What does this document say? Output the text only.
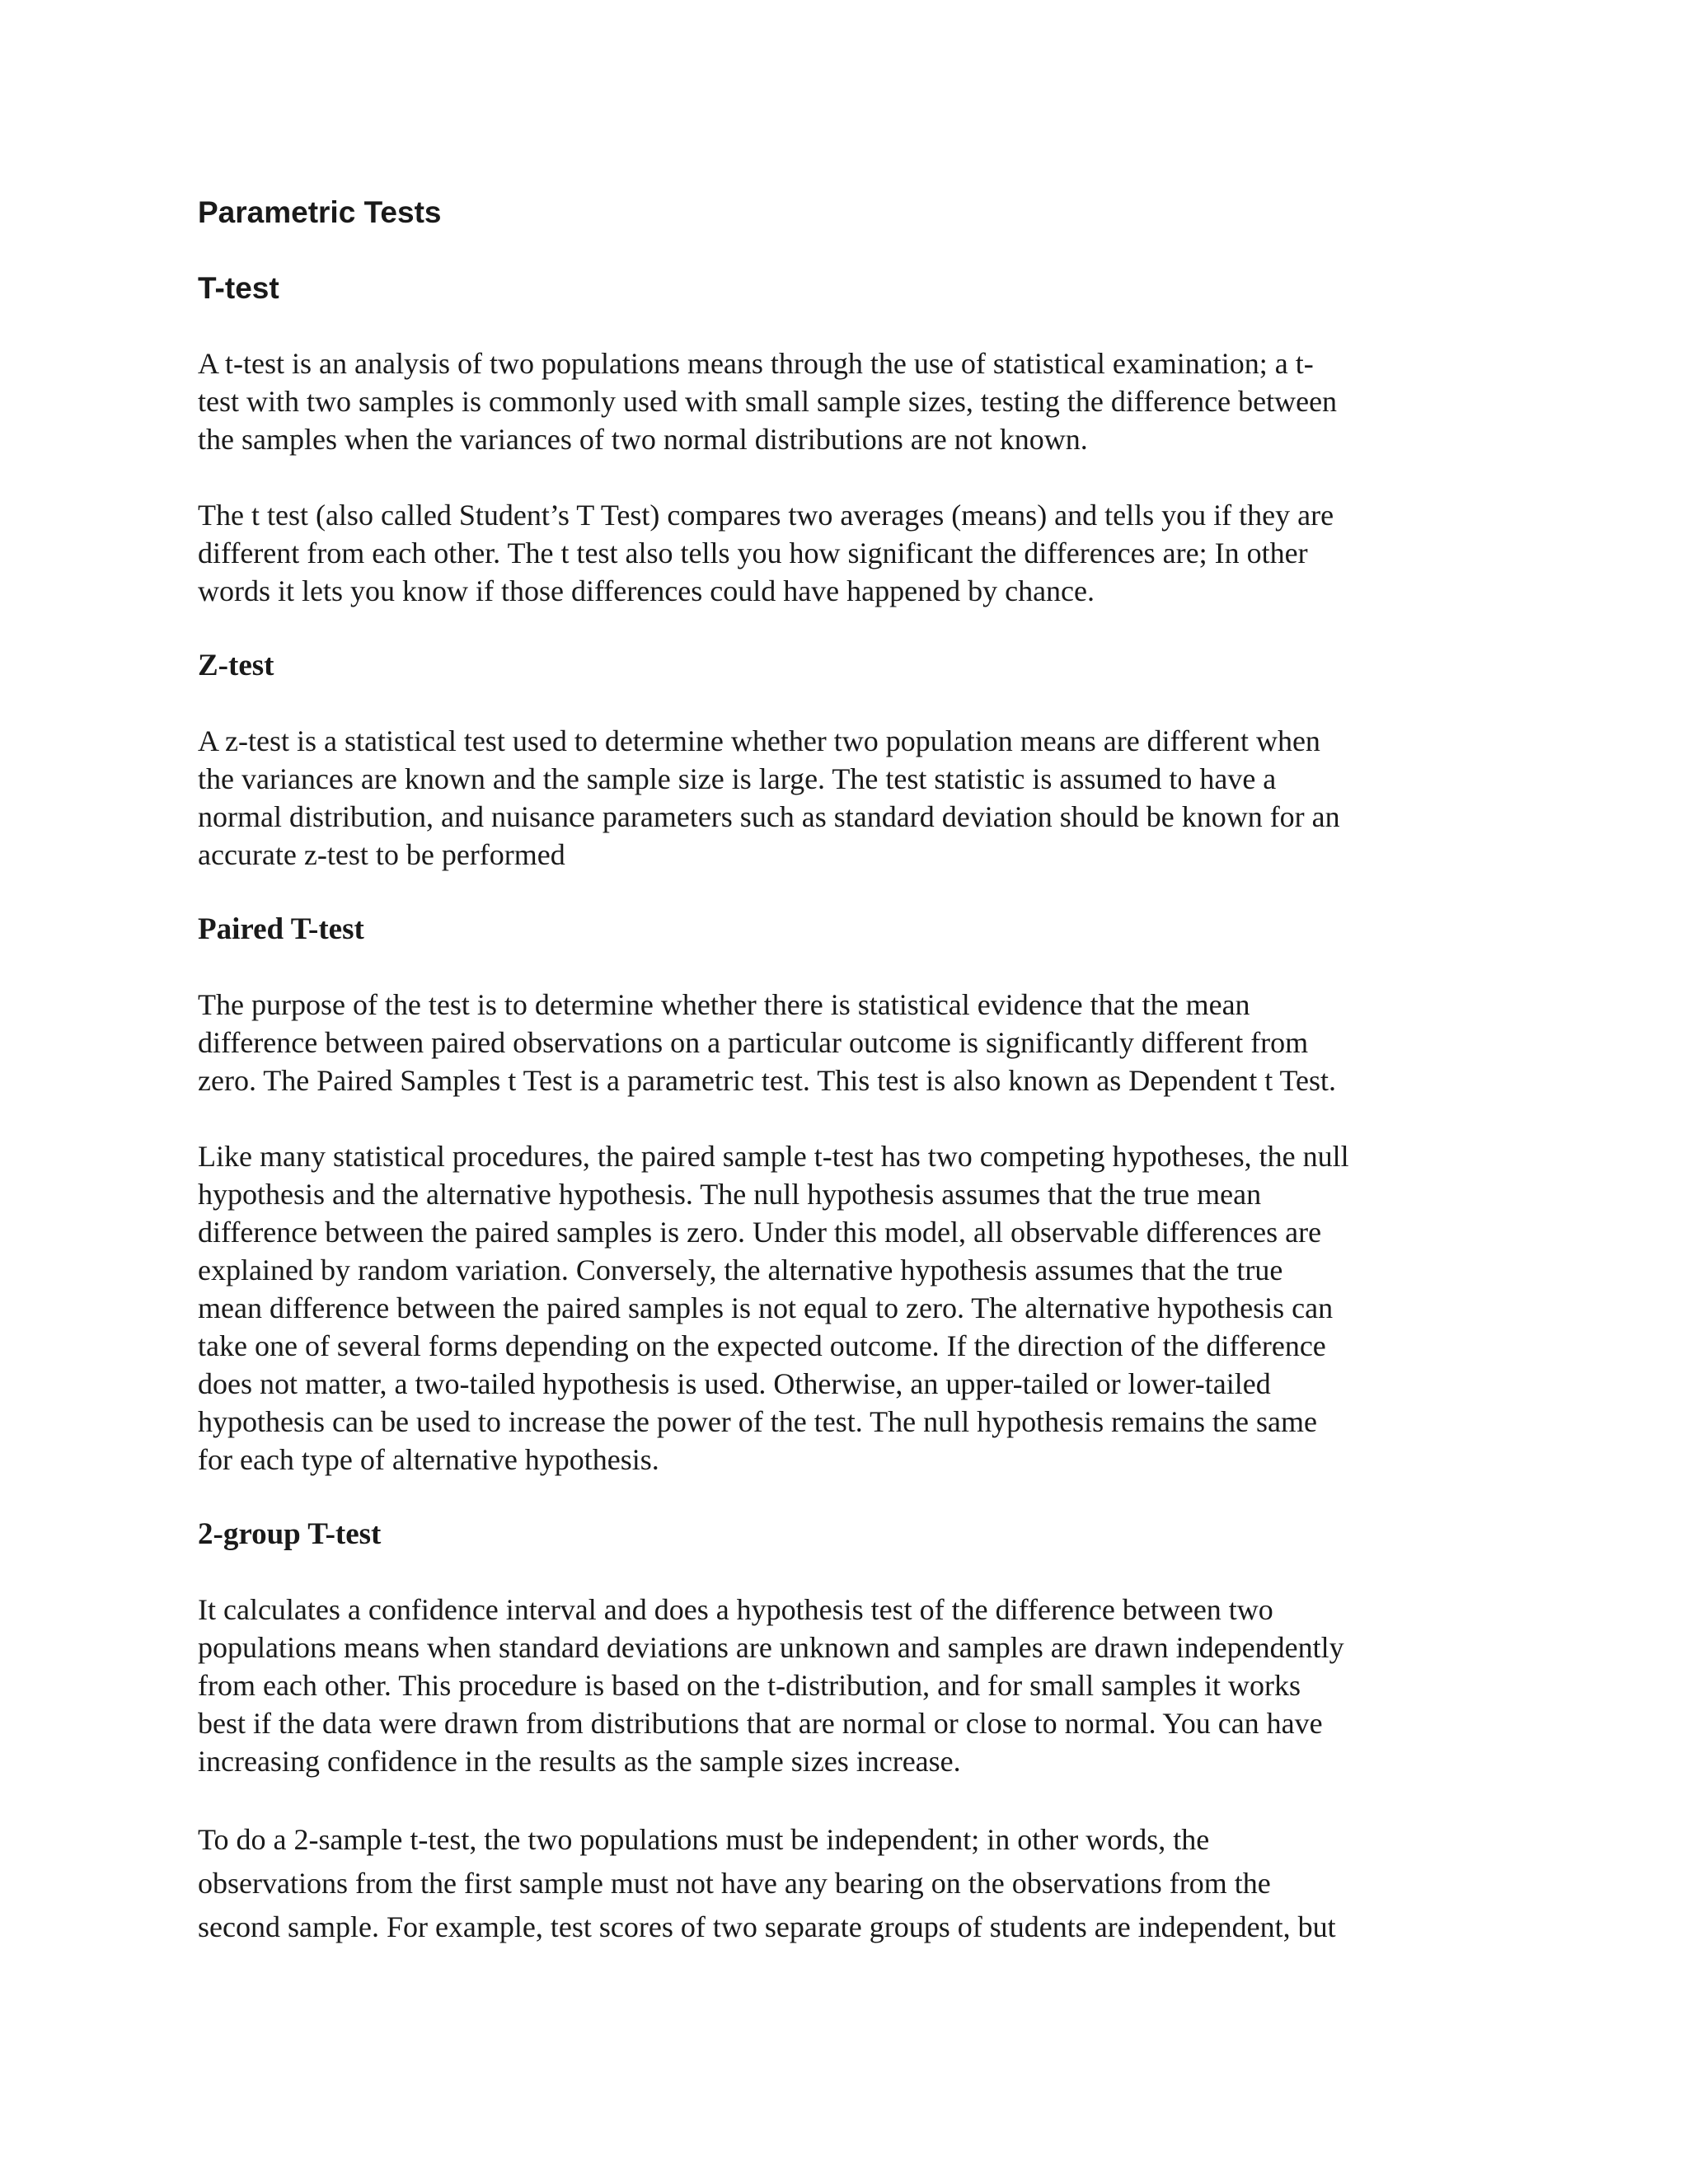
Parametric Tests
T-test

A t-test is an analysis of two populations means through the use of statistical examination; a t-
test with two samples is commonly used with small sample sizes, testing the difference between
the samples when the variances of two normal distributions are not known.

The t test (also called Student’s T Test) compares two averages (means) and tells you if they are
different from each other. The t test also tells you how significant the differences are; In other
words it lets you know if those differences could have happened by chance.

Z-test

A z-test is a statistical test used to determine whether two population means are different when
the variances are known and the sample size is large. The test statistic is assumed to have a
normal distribution, and nuisance parameters such as standard deviation should be known for an
accurate z-test to be performed

Paired T-test

The purpose of the test is to determine whether there is statistical evidence that the mean
difference between paired observations on a particular outcome is significantly different from
zero. The Paired Samples t Test is a parametric test. This test is also known as Dependent t Test.

Like many statistical procedures, the paired sample t-test has two competing hypotheses, the null
hypothesis and the alternative hypothesis. The null hypothesis assumes that the true mean
difference between the paired samples is zero. Under this model, all observable differences are
explained by random variation. Conversely, the alternative hypothesis assumes that the true
mean difference between the paired samples is not equal to zero. The alternative hypothesis can
take one of several forms depending on the expected outcome. If the direction of the difference
does not matter, a two-tailed hypothesis is used. Otherwise, an upper-tailed or lower-tailed
hypothesis can be used to increase the power of the test. The null hypothesis remains the same
for each type of alternative hypothesis.

2-group T-test

It calculates a confidence interval and does a hypothesis test of the difference between two
populations means when standard deviations are unknown and samples are drawn independently
from each other. This procedure is based on the t-distribution, and for small samples it works
best if the data were drawn from distributions that are normal or close to normal. You can have
increasing confidence in the results as the sample sizes increase.

To do a 2-sample t-test, the two populations must be independent; in other words, the
observations from the first sample must not have any bearing on the observations from the
second sample. For example, test scores of two separate groups of students are independent, but
